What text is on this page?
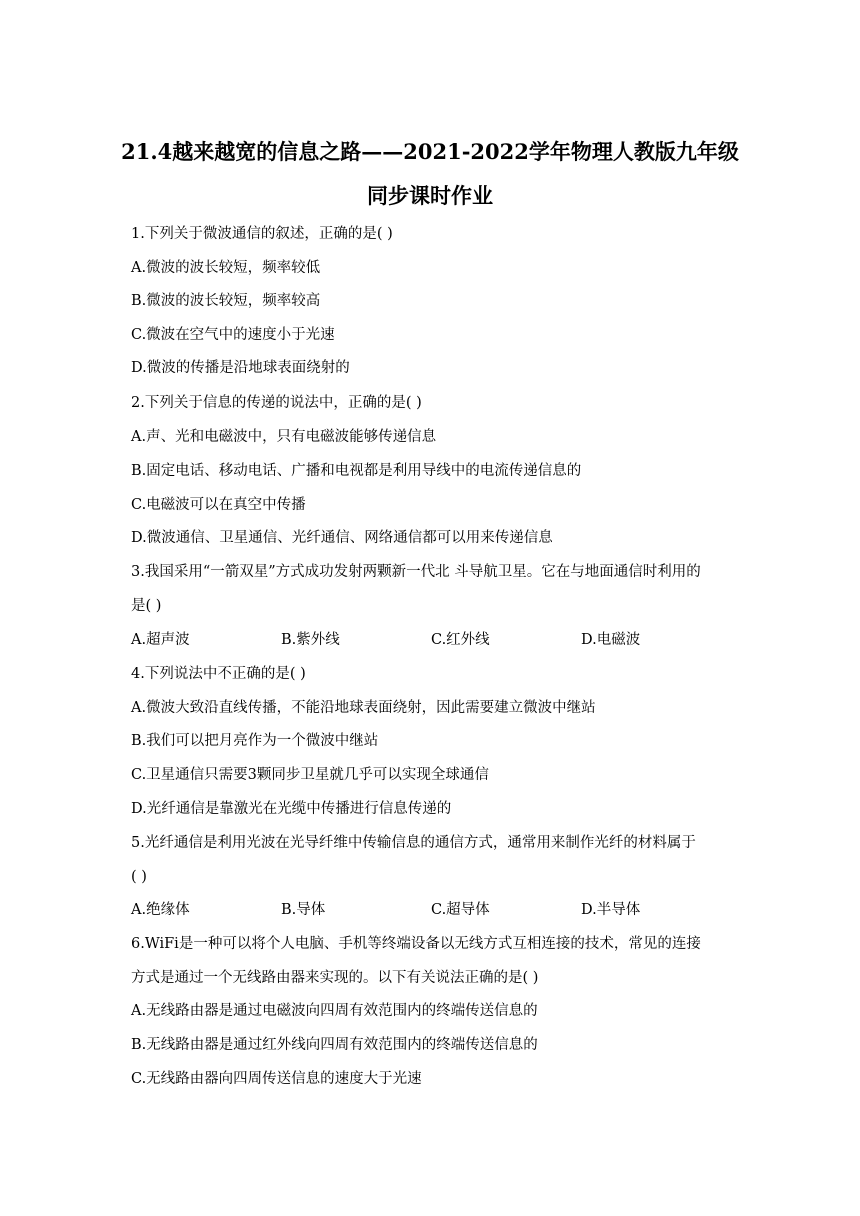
21.4越来越宽的信息之路——2021-2022学年物理人教版九年级
同步课时作业
1.下列关于微波通信的叙述，正确的是( )
A.微波的波长较短，频率较低
B.微波的波长较短，频率较高
C.微波在空气中的速度小于光速
D.微波的传播是沿地球表面绕射的
2.下列关于信息的传递的说法中，正确的是( )
A.声、光和电磁波中，只有电磁波能够传递信息
B.固定电话、移动电话、广播和电视都是利用导线中的电流传递信息的
C.电磁波可以在真空中传播
D.微波通信、卫星通信、光纤通信、网络通信都可以用来传递信息
3.我国采用“一箭双星”方式成功发射两颗新一代北 斗导航卫星。它在与地面通信时利用的
是( )
A.超声波	B.紫外线	C.红外线	D.电磁波
4.下列说法中不正确的是( )
A.微波大致沿直线传播，不能沿地球表面绕射，因此需要建立微波中继站
B.我们可以把月亮作为一个微波中继站
C.卫星通信只需要3颗同步卫星就几乎可以实现全球通信
D.光纤通信是靠激光在光缆中传播进行信息传递的
5.光纤通信是利用光波在光导纤维中传输信息的通信方式，通常用来制作光纤的材料属于
( )
A.绝缘体	B.导体	C.超导体	D.半导体
6.WiFi是一种可以将个人电脑、手机等终端设备以无线方式互相连接的技术，常见的连接
方式是通过一个无线路由器来实现的。以下有关说法正确的是( )
A.无线路由器是通过电磁波向四周有效范围内的终端传送信息的
B.无线路由器是通过红外线向四周有效范围内的终端传送信息的
C.无线路由器向四周传送信息的速度大于光速
